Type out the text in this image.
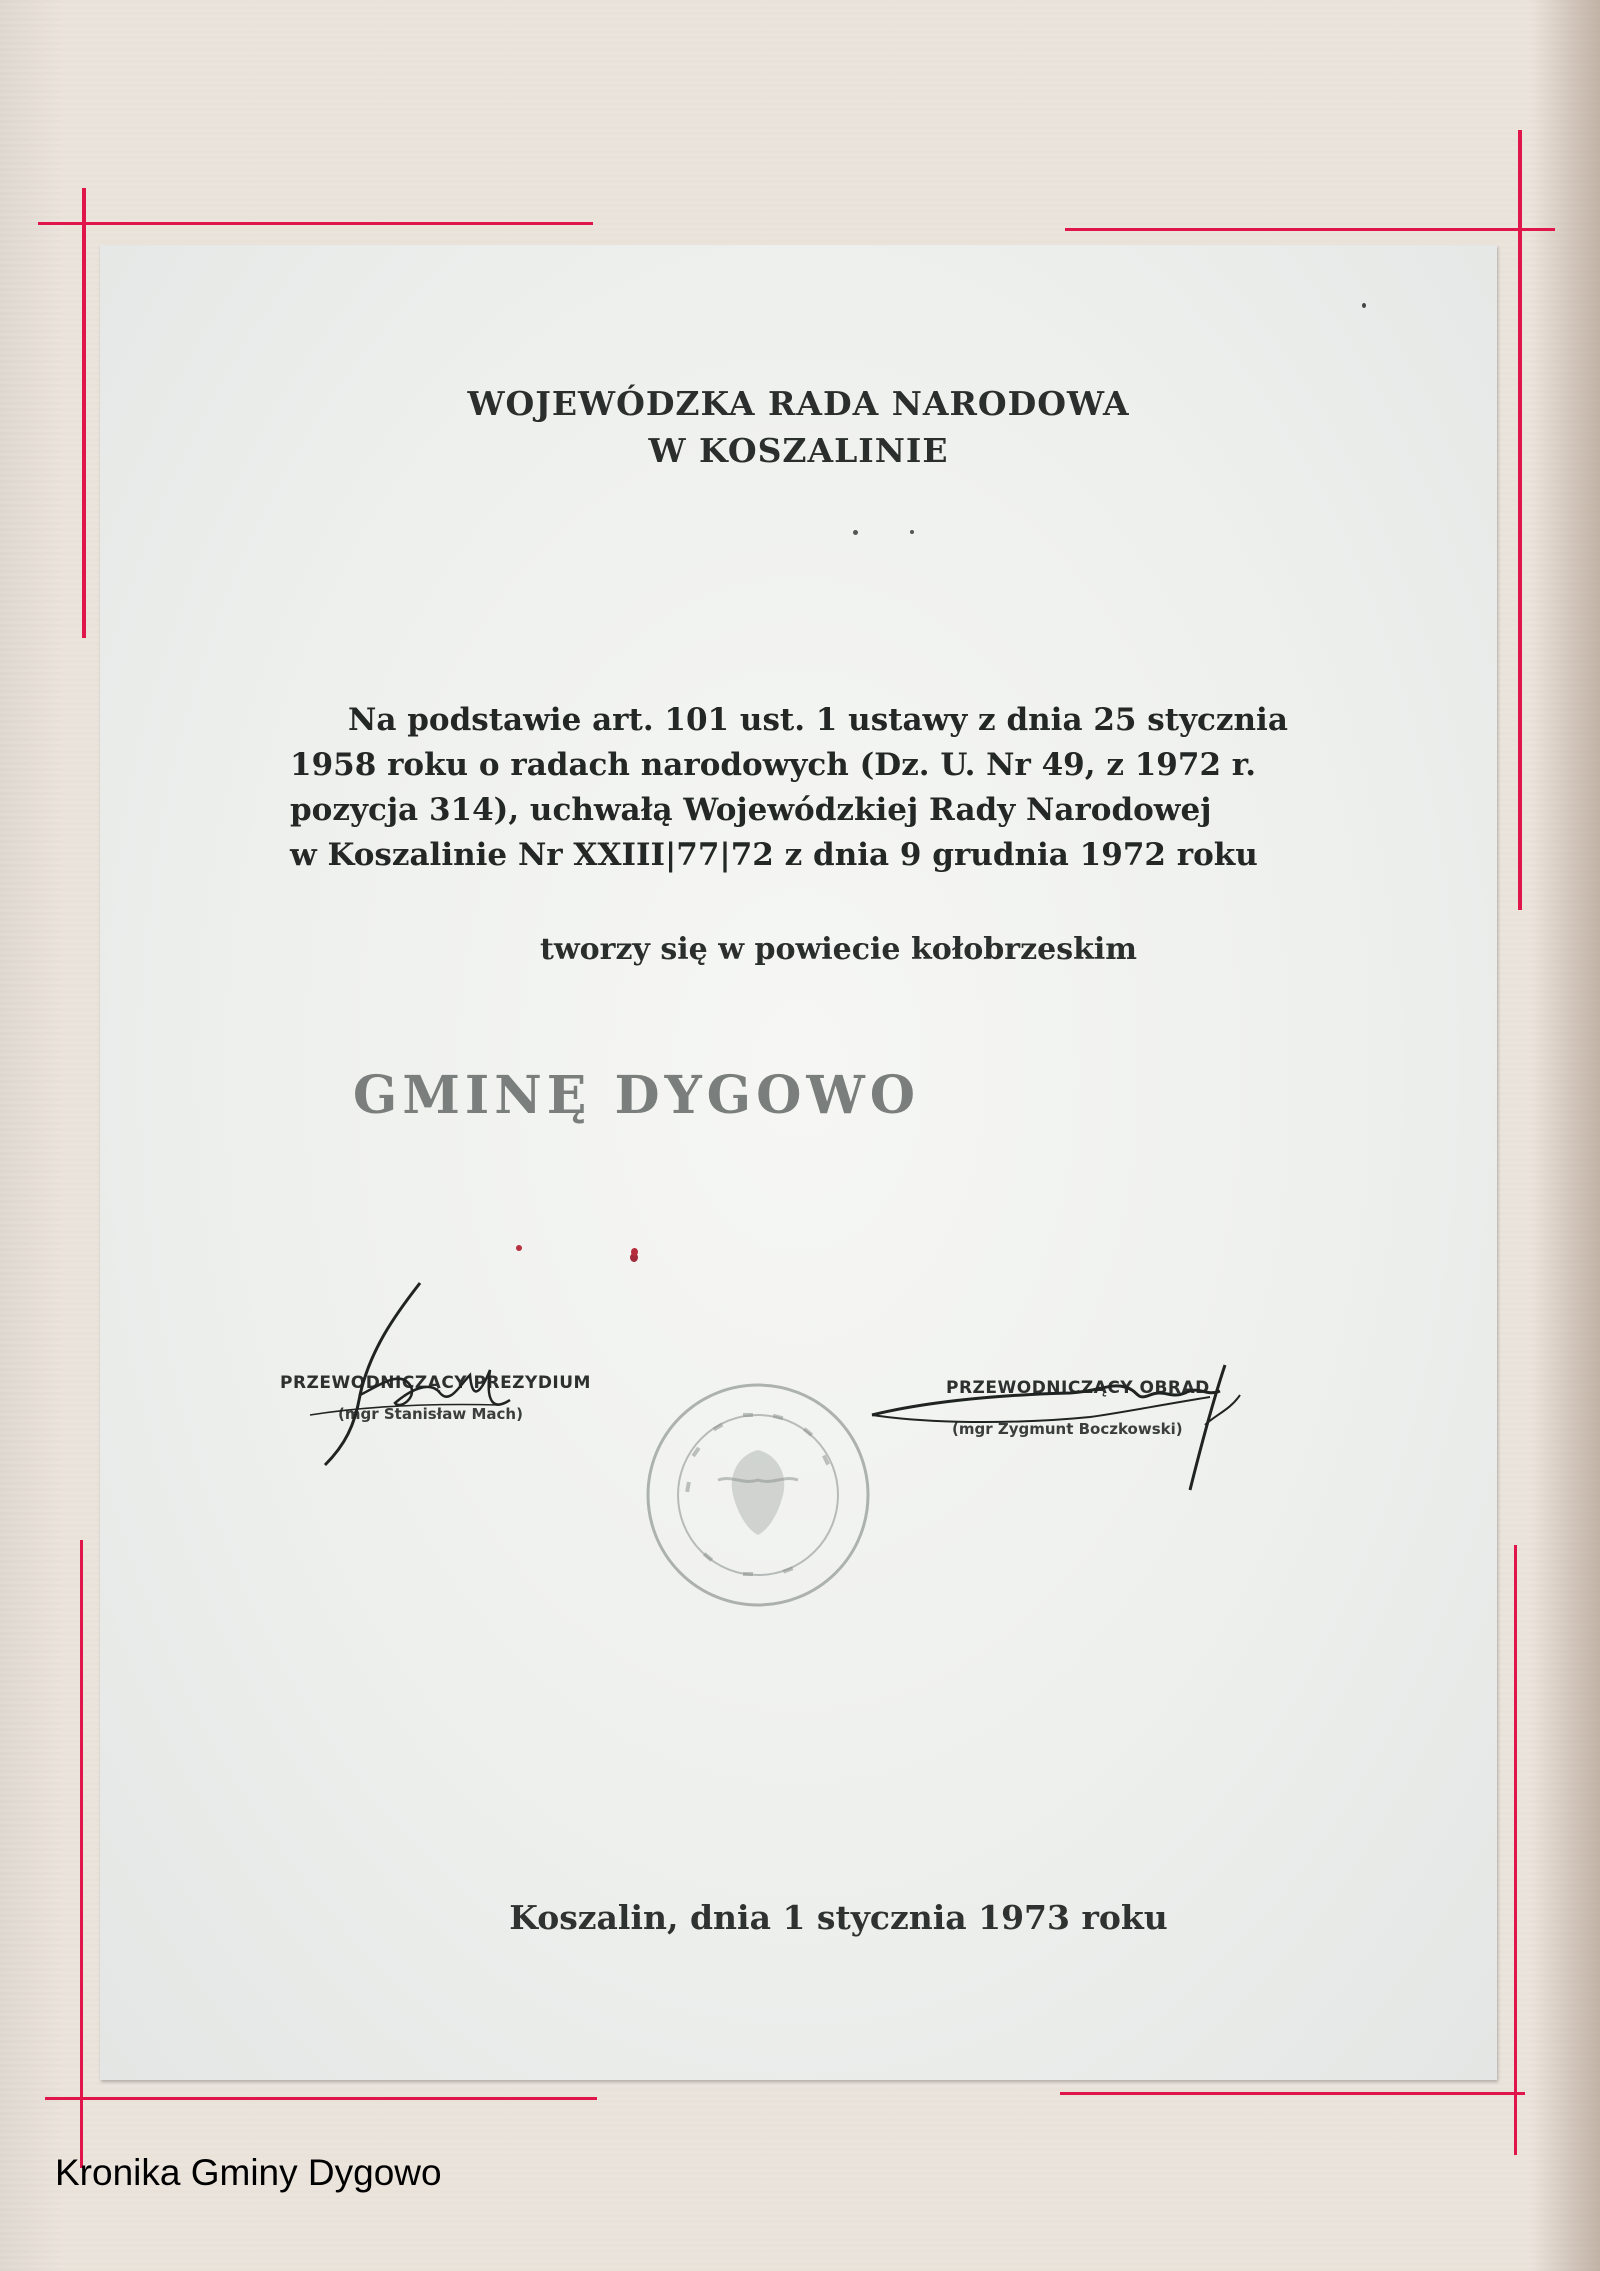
WOJEWÓDZKA RADA NARODOWA
W KOSZALINIE
Na podstawie art. 101 ust. 1 ustawy z dnia 25 stycznia
1958 roku o radach narodowych (Dz. U. Nr 49, z 1972 r.
pozycja 314), uchwałą Wojewódzkiej Rady Narodowej
w Koszalinie Nr XXIII|77|72 z dnia 9 grudnia 1972 roku
tworzy się w powiecie kołobrzeskim
GMINĘ DYGOWO
PRZEWODNICZĄCY PREZYDIUM
(mgr Stanisław Mach)
PRZEWODNICZĄCY OBRAD
(mgr Zygmunt Boczkowski)
Koszalin, dnia 1 stycznia 1973 roku
Kronika Gminy Dygowo
